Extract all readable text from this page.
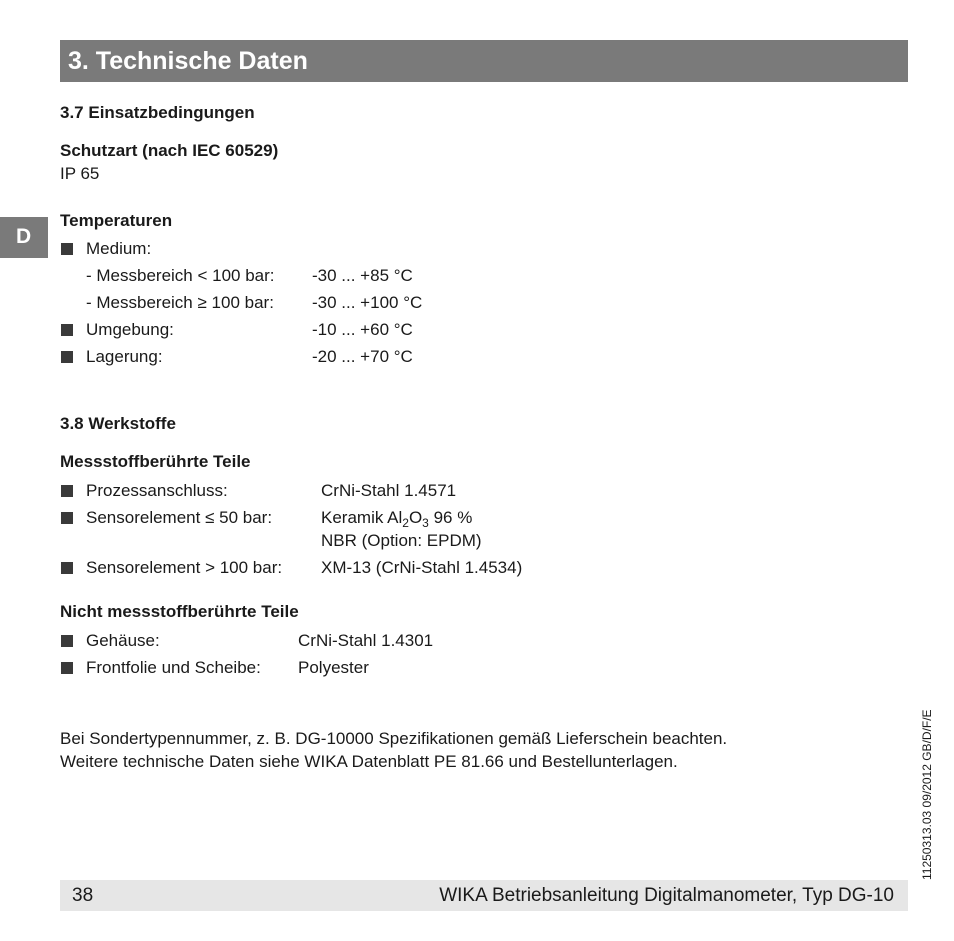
3. Technische Daten
D
3.7 Einsatzbedingungen
Schutzart (nach IEC 60529)
IP 65
Temperaturen
Medium:
- Messbereich < 100 bar: -30 ... +85 °C
- Messbereich ≥ 100 bar: -30 ... +100 °C
Umgebung:	-10 ... +60 °C
Lagerung:	-20 ... +70 °C
3.8 Werkstoffe
Messstoffberührte Teile
Prozessanschluss:	CrNi-Stahl 1.4571
Sensorelement ≤ 50 bar:	Keramik $Al_2O_3$ 96 %
NBR (Option: EPDM)
Sensorelement > 100 bar: XM-13 (CrNi-Stahl 1.4534)
Nicht messstoffberührte Teile
Gehäuse:	CrNi-Stahl 1.4301
Frontfolie und Scheibe: Polyester
Bei Sondertypennummer, z. B. DG-10000 Spezifikationen gemäß Lieferschein beachten.
Weitere technische Daten siehe WIKA Datenblatt PE 81.66 und Bestellunterlagen.	11250313.03 09/2012 GB/D/F/E
38	WIKA Betriebsanleitung Digitalmanometer, Typ DG-10
